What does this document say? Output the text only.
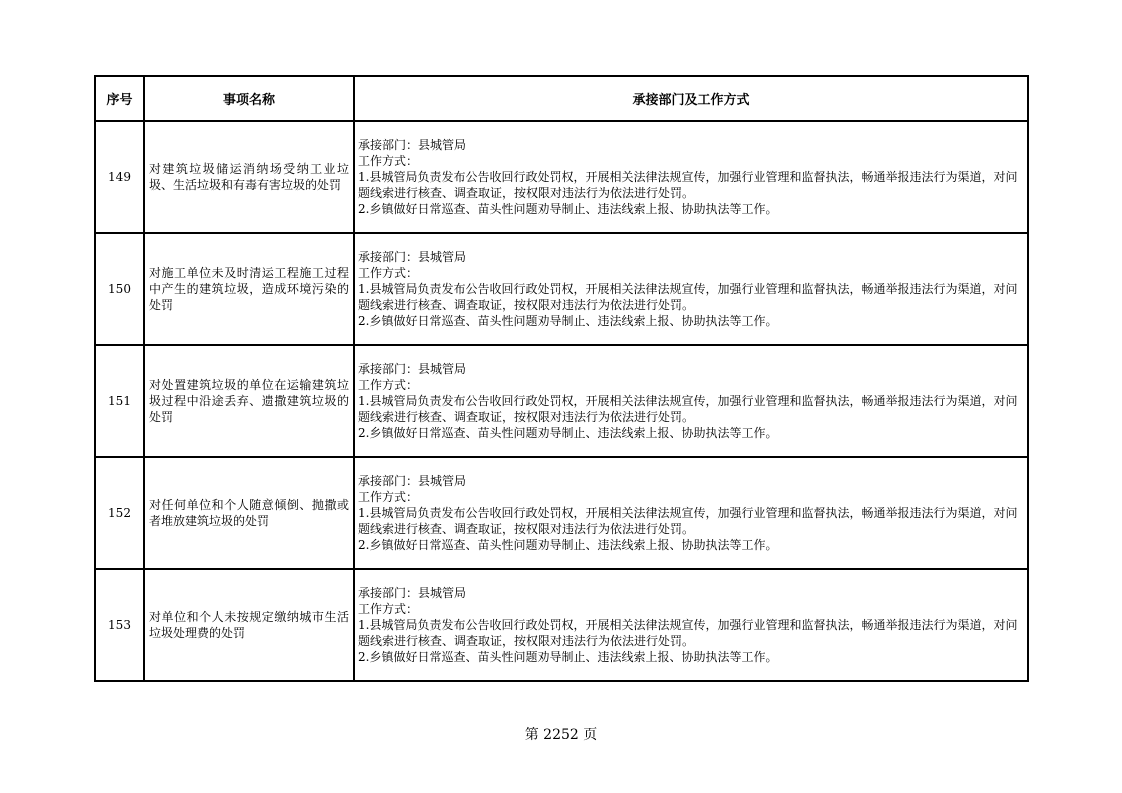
序号	事项名称	承接部门及工作方式
149	对建筑垃圾储运消纳场受纳工业垃圾、生活垃圾和有毒有害垃圾的处罚	承接部门：县城管局
工作方式：
1.县城管局负责发布公告收回行政处罚权，开展相关法律法规宣传，加强行业管理和监督执法，畅通举报违法行为渠道，对问题线索进行核查、调查取证，按权限对违法行为依法进行处罚。
2.乡镇做好日常巡查、苗头性问题劝导制止、违法线索上报、协助执法等工作。

150	对施工单位未及时清运工程施工过程中产生的建筑垃圾，造成环境污染的处罚	承接部门：县城管局
工作方式：
1.县城管局负责发布公告收回行政处罚权，开展相关法律法规宣传，加强行业管理和监督执法，畅通举报违法行为渠道，对问题线索进行核查、调查取证，按权限对违法行为依法进行处罚。
2.乡镇做好日常巡查、苗头性问题劝导制止、违法线索上报、协助执法等工作。

151	对处置建筑垃圾的单位在运输建筑垃圾过程中沿途丢弃、遗撒建筑垃圾的处罚	承接部门：县城管局
工作方式：
1.县城管局负责发布公告收回行政处罚权，开展相关法律法规宣传，加强行业管理和监督执法，畅通举报违法行为渠道，对问题线索进行核查、调查取证，按权限对违法行为依法进行处罚。
2.乡镇做好日常巡查、苗头性问题劝导制止、违法线索上报、协助执法等工作。

152	对任何单位和个人随意倾倒、抛撒或者堆放建筑垃圾的处罚	承接部门：县城管局
工作方式：
1.县城管局负责发布公告收回行政处罚权，开展相关法律法规宣传，加强行业管理和监督执法，畅通举报违法行为渠道，对问题线索进行核查、调查取证，按权限对违法行为依法进行处罚。
2.乡镇做好日常巡查、苗头性问题劝导制止、违法线索上报、协助执法等工作。

153	对单位和个人未按规定缴纳城市生活垃圾处理费的处罚	承接部门：县城管局
工作方式：
1.县城管局负责发布公告收回行政处罚权，开展相关法律法规宣传，加强行业管理和监督执法，畅通举报违法行为渠道，对问题线索进行核查、调查取证，按权限对违法行为依法进行处罚。
2.乡镇做好日常巡查、苗头性问题劝导制止、违法线索上报、协助执法等工作。
第 2252 页
